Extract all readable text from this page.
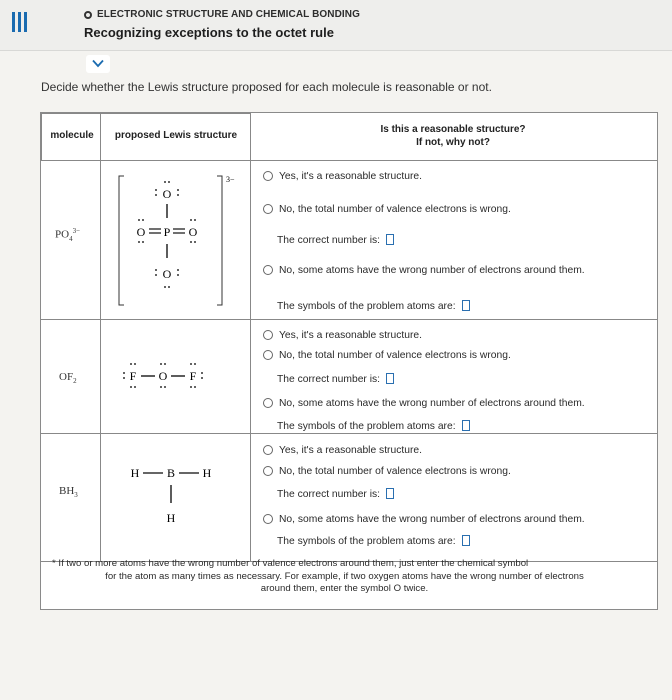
ELECTRONIC STRUCTURE AND CHEMICAL BONDING
Recognizing exceptions to the octet rule
Decide whether the Lewis structure proposed for each molecule is reasonable or not.
molecule	proposed Lewis structure
Is this a reasonable structure?
If not, why not?
$PO_4^{3-}$
3−
O
O P O
O
Yes, it's a reasonable structure.
No, the total number of valence electrons is wrong.
The correct number is:
No, some atoms have the wrong number of electrons around them.
The symbols of the problem atoms are:
$OF_2$	F O F
Yes, it's a reasonable structure.
No, the total number of valence electrons is wrong.
The correct number is:
No, some atoms have the wrong number of electrons around them.
The symbols of the problem atoms are:
$BH_3$
H B H
H
Yes, it's a reasonable structure.
No, the total number of valence electrons is wrong.
The correct number is:
No, some atoms have the wrong number of electrons around them.
The symbols of the problem atoms are:
* If two or more atoms have the wrong number of valence electrons around them, just enter the chemical symbol
for the atom as many times as necessary. For example, if two oxygen atoms have the wrong number of electrons
around them, enter the symbol O twice.
